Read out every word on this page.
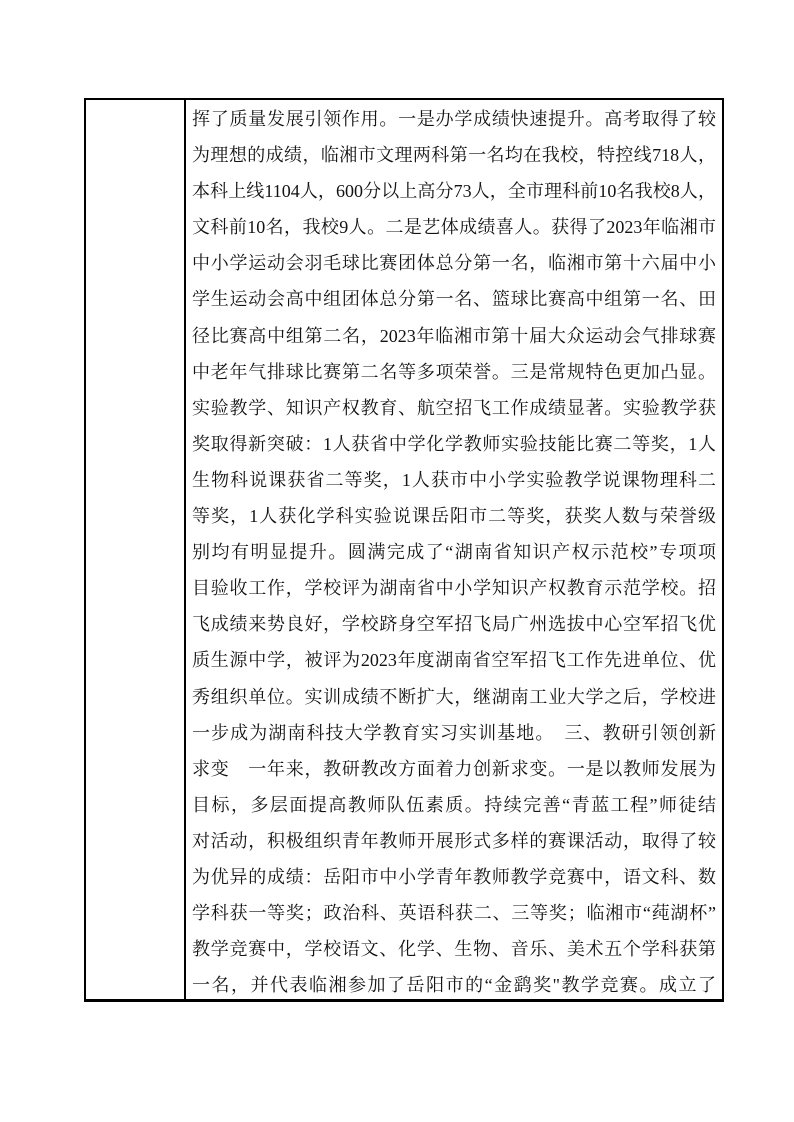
挥了质量发展引领作用。一是办学成绩快速提升。高考取得了较
为理想的成绩，临湘市文理两科第一名均在我校，特控线718人，
本科上线1104人，600分以上高分73人，全市理科前10名我校8人，
文科前10名，我校9人。二是艺体成绩喜人。获得了2023年临湘市
中小学运动会羽毛球比赛团体总分第一名，临湘市第十六届中小
学生运动会高中组团体总分第一名、篮球比赛高中组第一名、田
径比赛高中组第二名，2023年临湘市第十届大众运动会气排球赛
中老年气排球比赛第二名等多项荣誉。三是常规特色更加凸显。
实验教学、知识产权教育、航空招飞工作成绩显著。实验教学获
奖取得新突破：1人获省中学化学教师实验技能比赛二等奖，1人
生物科说课获省二等奖，1人获市中小学实验教学说课物理科二
等奖，1人获化学科实验说课岳阳市二等奖，获奖人数与荣誉级
别均有明显提升。圆满完成了“湖南省知识产权示范校”专项项
目验收工作，学校评为湖南省中小学知识产权教育示范学校。招
飞成绩来势良好，学校跻身空军招飞局广州选拔中心空军招飞优
质生源中学，被评为2023年度湖南省空军招飞工作先进单位、优
秀组织单位。实训成绩不断扩大，继湖南工业大学之后，学校进
一步成为湖南科技大学教育实习实训基地。　三、教研引领创新
求变　一年来，教研教改方面着力创新求变。一是以教师发展为
目标，多层面提高教师队伍素质。持续完善“青蓝工程”师徒结
对活动，积极组织青年教师开展形式多样的赛课活动，取得了较
为优异的成绩：岳阳市中小学青年教师教学竞赛中，语文科、数
学科获一等奖；政治科、英语科获二、三等奖；临湘市“莼湖杯”
教学竞赛中，学校语文、化学、生物、音乐、美术五个学科获第
一名，并代表临湘参加了岳阳市的“金鹞奖"教学竞赛。成立了
